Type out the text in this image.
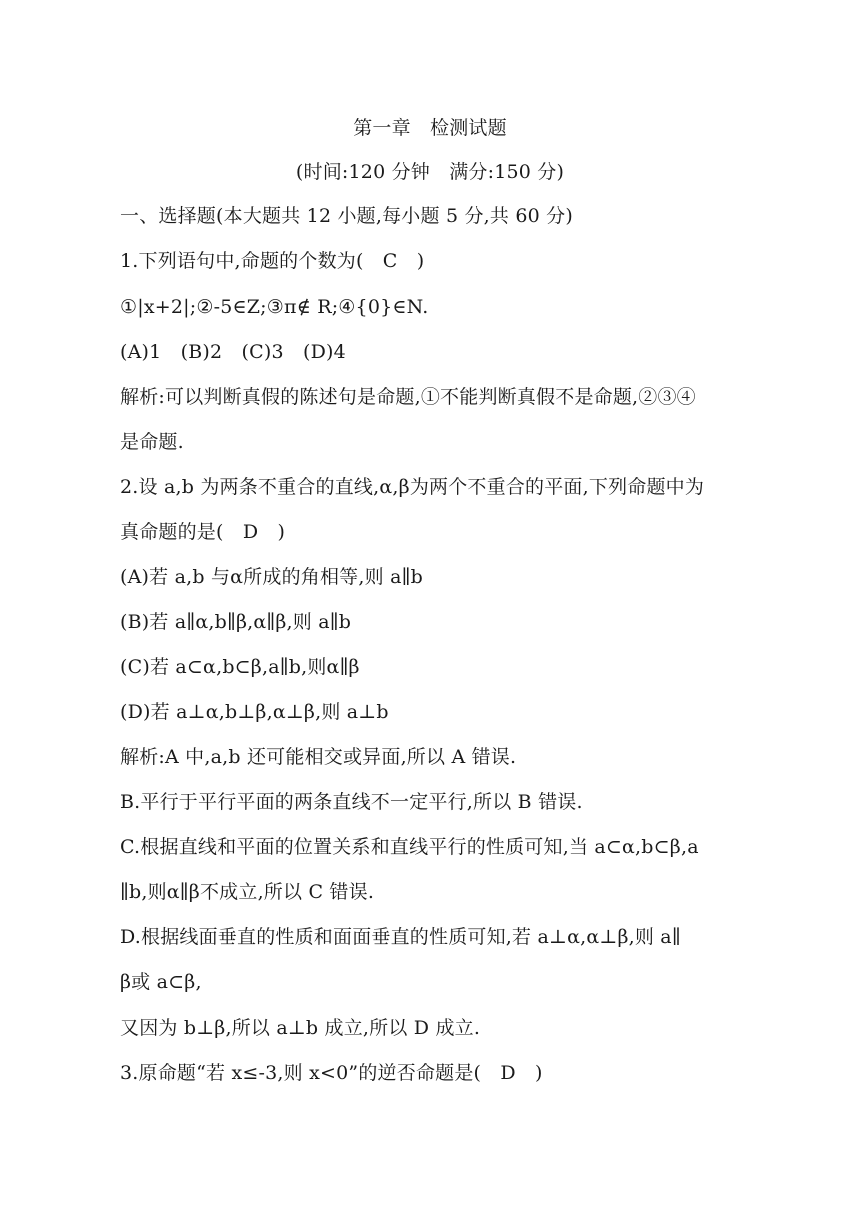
第一章　检测试题
(时间:120 分钟　满分:150 分)
一、选择题(本大题共 12 小题,每小题 5 分,共 60 分)
1.下列语句中,命题的个数为(　C　)
①|x+2|;②-5∈Z;③π∉ R;④{0}∈N.
(A)1　(B)2　(C)3　(D)4
解析:可以判断真假的陈述句是命题,①不能判断真假不是命题,②③④
是命题.
2.设 a,b 为两条不重合的直线,α,β为两个不重合的平面,下列命题中为
真命题的是(　D　)
(A)若 a,b 与α所成的角相等,则 a∥b
(B)若 a∥α,b∥β,α∥β,则 a∥b
(C)若 a⊂α,b⊂β,a∥b,则α∥β
(D)若 a⊥α,b⊥β,α⊥β,则 a⊥b
解析:A 中,a,b 还可能相交或异面,所以 A 错误.
B.平行于平行平面的两条直线不一定平行,所以 B 错误.
C.根据直线和平面的位置关系和直线平行的性质可知,当 a⊂α,b⊂β,a
∥b,则α∥β不成立,所以 C 错误.
D.根据线面垂直的性质和面面垂直的性质可知,若 a⊥α,α⊥β,则 a∥
β或 a⊂β,
又因为 b⊥β,所以 a⊥b 成立,所以 D 成立.
3.原命题“若 x≤-3,则 x<0”的逆否命题是(　D　)
